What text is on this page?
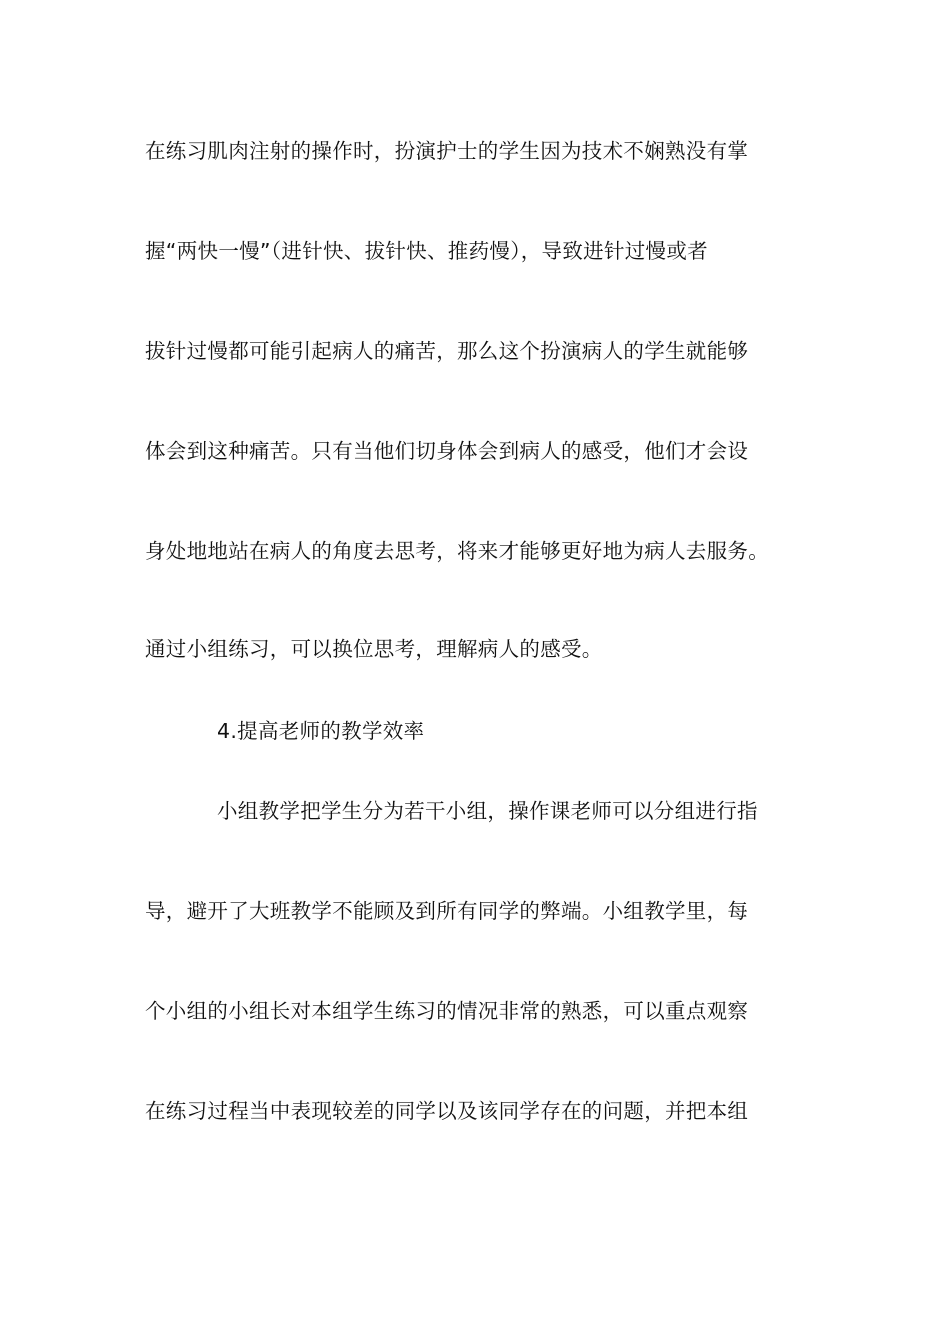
在练习肌肉注射的操作时，扮演护士的学生因为技术不娴熟没有掌
握“两快一慢”（进针快、拔针快、推药慢），导致进针过慢或者
拔针过慢都可能引起病人的痛苦，那么这个扮演病人的学生就能够
体会到这种痛苦。只有当他们切身体会到病人的感受，他们才会设
身处地地站在病人的角度去思考，将来才能够更好地为病人去服务。
通过小组练习，可以换位思考，理解病人的感受。
4.提高老师的教学效率
小组教学把学生分为若干小组，操作课老师可以分组进行指
导，避开了大班教学不能顾及到所有同学的弊端。小组教学里，每
个小组的小组长对本组学生练习的情况非常的熟悉，可以重点观察
在练习过程当中表现较差的同学以及该同学存在的问题，并把本组
